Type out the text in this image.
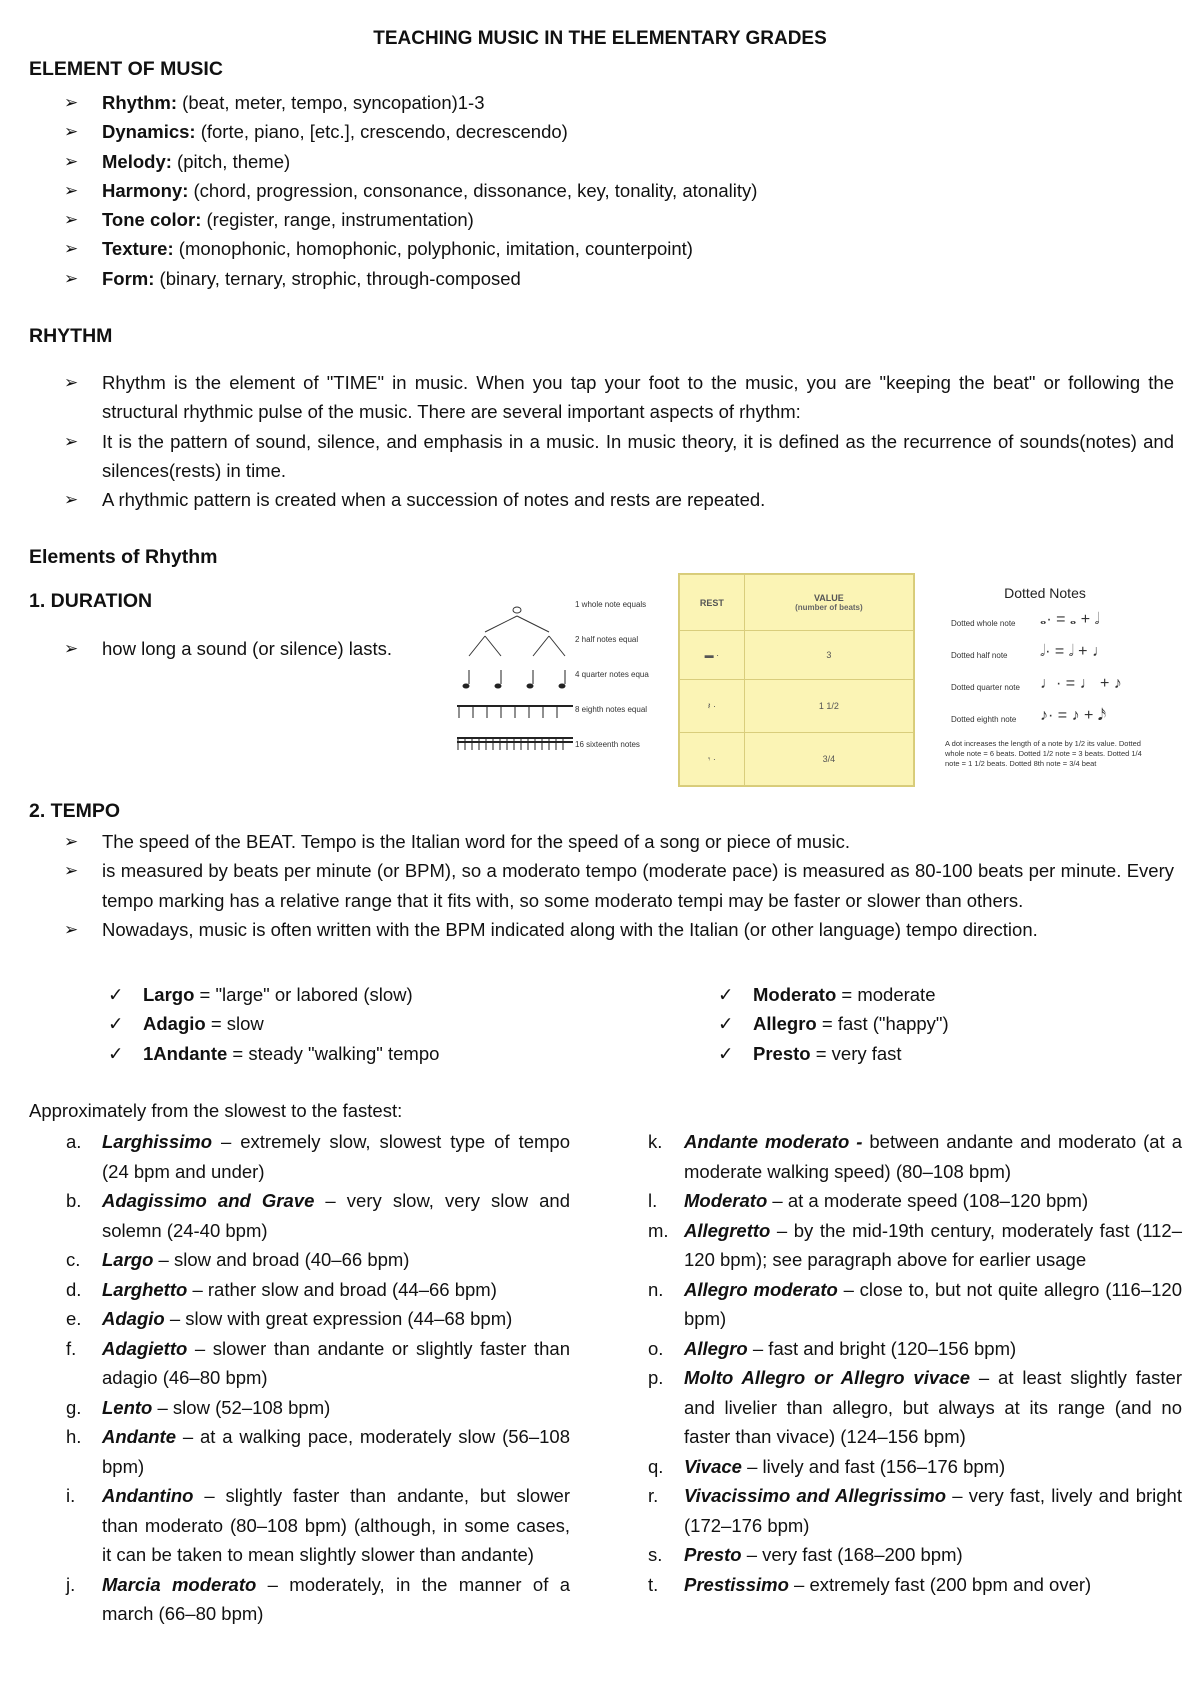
TEACHING MUSIC IN THE ELEMENTARY GRADES
ELEMENT OF MUSIC
➢ Rhythm: (beat, meter, tempo, syncopation)1-3
➢ Dynamics: (forte, piano, [etc.], crescendo, decrescendo)
➢ Melody: (pitch, theme)
➢ Harmony: (chord, progression, consonance, dissonance, key, tonality, atonality)
➢ Tone color: (register, range, instrumentation)
➢ Texture: (monophonic, homophonic, polyphonic, imitation, counterpoint)
➢ Form: (binary, ternary, strophic, through-composed
RHYTHM
➢ Rhythm is the element of "TIME" in music. When you tap your foot to the music, you are "keeping the beat" or following the structural rhythmic pulse of the music. There are several important aspects of rhythm:
➢ It is the pattern of sound, silence, and emphasis in a music. In music theory, it is defined as the recurrence of sounds(notes) and silences(rests) in time.
➢ A rhythmic pattern is created when a succession of notes and rests are repeated.
Elements of Rhythm
1. DURATION
➢ how long a sound (or silence) lasts.
1 whole note equals
2 half notes equal
4 quarter notes equa
8 eighth notes equal
16 sixteenth notes
REST	VALUE
(number of beats)

▬ ·	3
𝄽 ·	1 1/2
𝄾 ·	3/4
Dotted Notes
Dotted whole note 𝅝· = 𝅝 + 𝅗𝅥
Dotted half note 𝅗𝅥· = 𝅗𝅥 + ♩
Dotted quarter note ♩· = ♩ + ♪
Dotted eighth note ♪· = ♪ + 𝅘𝅥𝅯
A dot increases the length of a note by 1/2 its value. Dotted whole note = 6 beats. Dotted 1/2 note = 3 beats. Dotted 1/4 note = 1 1/2 beats. Dotted 8th note = 3/4 beat
2. TEMPO
➢ The speed of the BEAT. Tempo is the Italian word for the speed of a song or piece of music.
➢ is measured by beats per minute (or BPM), so a moderato tempo (moderate pace) is measured as 80-100 beats per minute. Every tempo marking has a relative range that it fits with, so some moderato tempi may be faster or slower than others.
➢ Nowadays, music is often written with the BPM indicated along with the Italian (or other language) tempo direction.
✓ Largo = "large" or labored (slow)
✓ Adagio = slow
✓ 1Andante = steady "walking" tempo
✓ Moderato = moderate
✓ Allegro = fast ("happy")
✓ Presto = very fast
Approximately from the slowest to the fastest:
a. Larghissimo – extremely slow, slowest type of tempo (24 bpm and under)
b. Adagissimo and Grave – very slow, very slow and solemn (24-40 bpm)
c. Largo – slow and broad (40–66 bpm)
d. Larghetto – rather slow and broad (44–66 bpm)
e. Adagio – slow with great expression (44–68 bpm)
f. Adagietto – slower than andante or slightly faster than adagio (46–80 bpm)
g. Lento – slow (52–108 bpm)
h. Andante – at a walking pace, moderately slow (56–108 bpm)
i. Andantino – slightly faster than andante, but slower than moderato (80–108 bpm) (although, in some cases, it can be taken to mean slightly slower than andante)
j. Marcia moderato – moderately, in the manner of a march (66–80 bpm)
k. Andante moderato - between andante and moderato (at a moderate walking speed) (80–108 bpm)
l. Moderato – at a moderate speed (108–120 bpm)
m. Allegretto – by the mid-19th century, moderately fast (112–120 bpm); see paragraph above for earlier usage
n. Allegro moderato – close to, but not quite allegro (116–120 bpm)
o. Allegro – fast and bright (120–156 bpm)
p. Molto Allegro or Allegro vivace – at least slightly faster and livelier than allegro, but always at its range (and no faster than vivace) (124–156 bpm)
q. Vivace – lively and fast (156–176 bpm)
r. Vivacissimo and Allegrissimo – very fast, lively and bright (172–176 bpm)
s. Presto – very fast (168–200 bpm)
t. Prestissimo – extremely fast (200 bpm and over)
